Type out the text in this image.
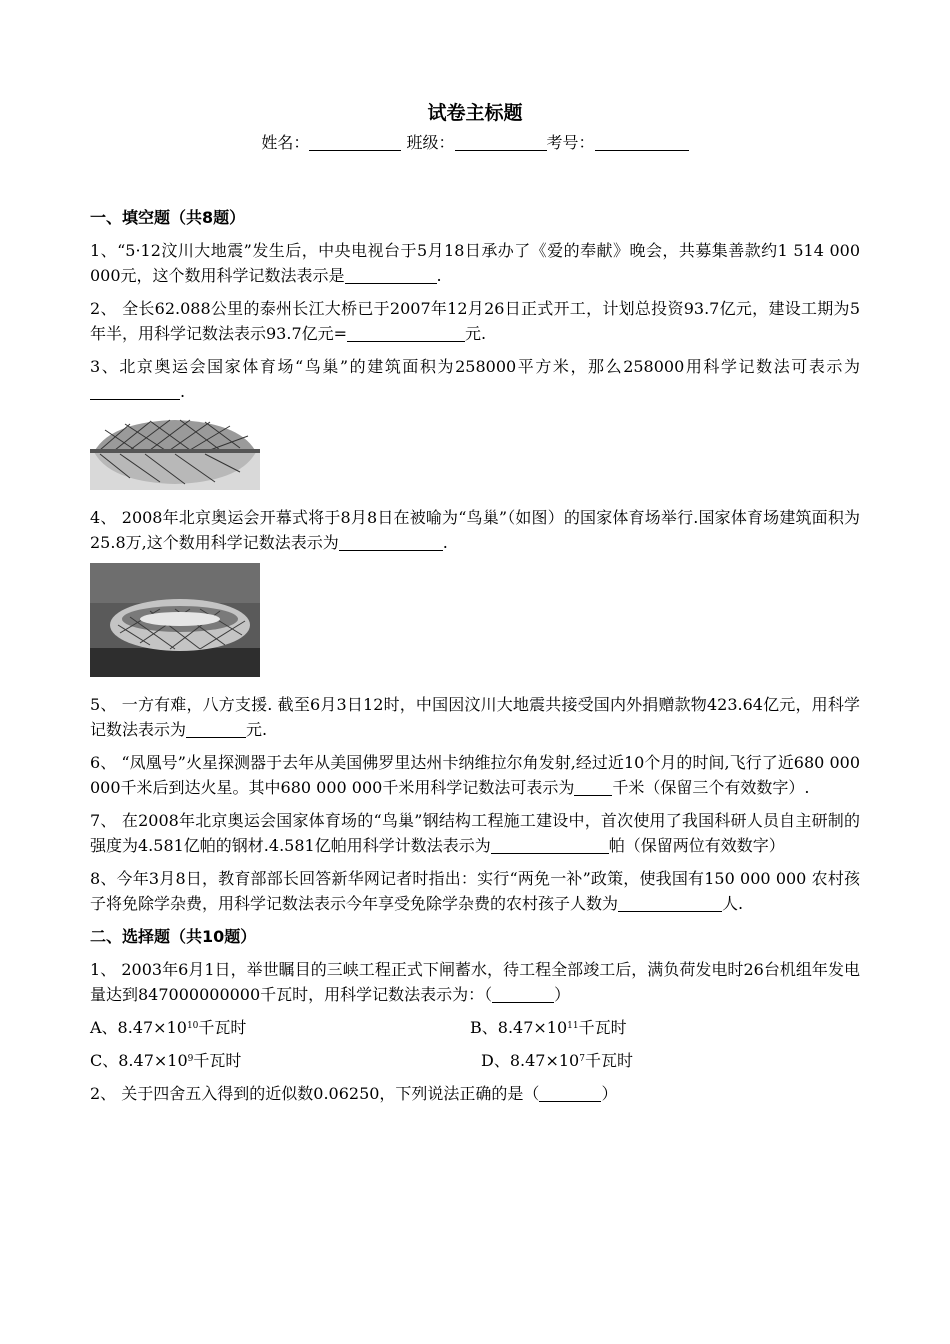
试卷主标题
姓名：	班级：	考号：
一、填空题（共8题）
1、“5·12汶川大地震”发生后，中央电视台于5月18日承办了《爱的奉献》晚会，共募集善款约1 514 000 000元，这个数用科学记数法表示是	.
2、 全长62.088公里的泰州长江大桥已于2007年12月26日正式开工，计划总投资93.7亿元，建设工期为5年半，用科学记数法表示93.7亿元=	元.
3、北京奥运会国家体育场“鸟巢”的建筑面积为258000平方米，那么258000用科学记数法可表示为.
4、 2008年北京奥运会开幕式将于8月8日在被喻为“鸟巢”（如图）的国家体育场举行.国家体育场建筑面积为25.8万,这个数用科学记数法表示为	.
5、 一方有难，八方支援. 截至6月3日12时，中国因汶川大地震共接受国内外捐赠款物423.64亿元，用科学记数法表示为	元.
6、 “凤凰号”火星探测器于去年从美国佛罗里达州卡纳维拉尔角发射,经过近10个月的时间,飞行了近680 000 000千米后到达火星。其中680 000 000千米用科学记数法可表示为 千米（保留三个有效数字）.
7、 在2008年北京奥运会国家体育场的“鸟巢”钢结构工程施工建设中，首次使用了我国科研人员自主研制的强度为4.581亿帕的钢材.4.581亿帕用科学计数法表示为	帕（保留两位有效数字）
8、今年3月8日，教育部部长回答新华网记者时指出：实行“两免一补”政策，使我国有150 000 000 农村孩子将免除学杂费，用科学记数法表示今年享受免除学杂费的农村孩子人数为	人.
二、选择题（共10题）
1、 2003年6月1日，举世瞩目的三峡工程正式下闸蓄水，待工程全部竣工后，满负荷发电时26台机组年发电量达到847000000000千瓦时，用科学记数法表示为：（	）
A、$8.47\times 10^{10}$千瓦时	B、$8.47\times 10^{11}$千瓦时
C、$8.47\times 10^9$千瓦时	D、$8.47\times 10^7$千瓦时
2、 关于四舍五入得到的近似数0.06250，下列说法正确的是（	）
